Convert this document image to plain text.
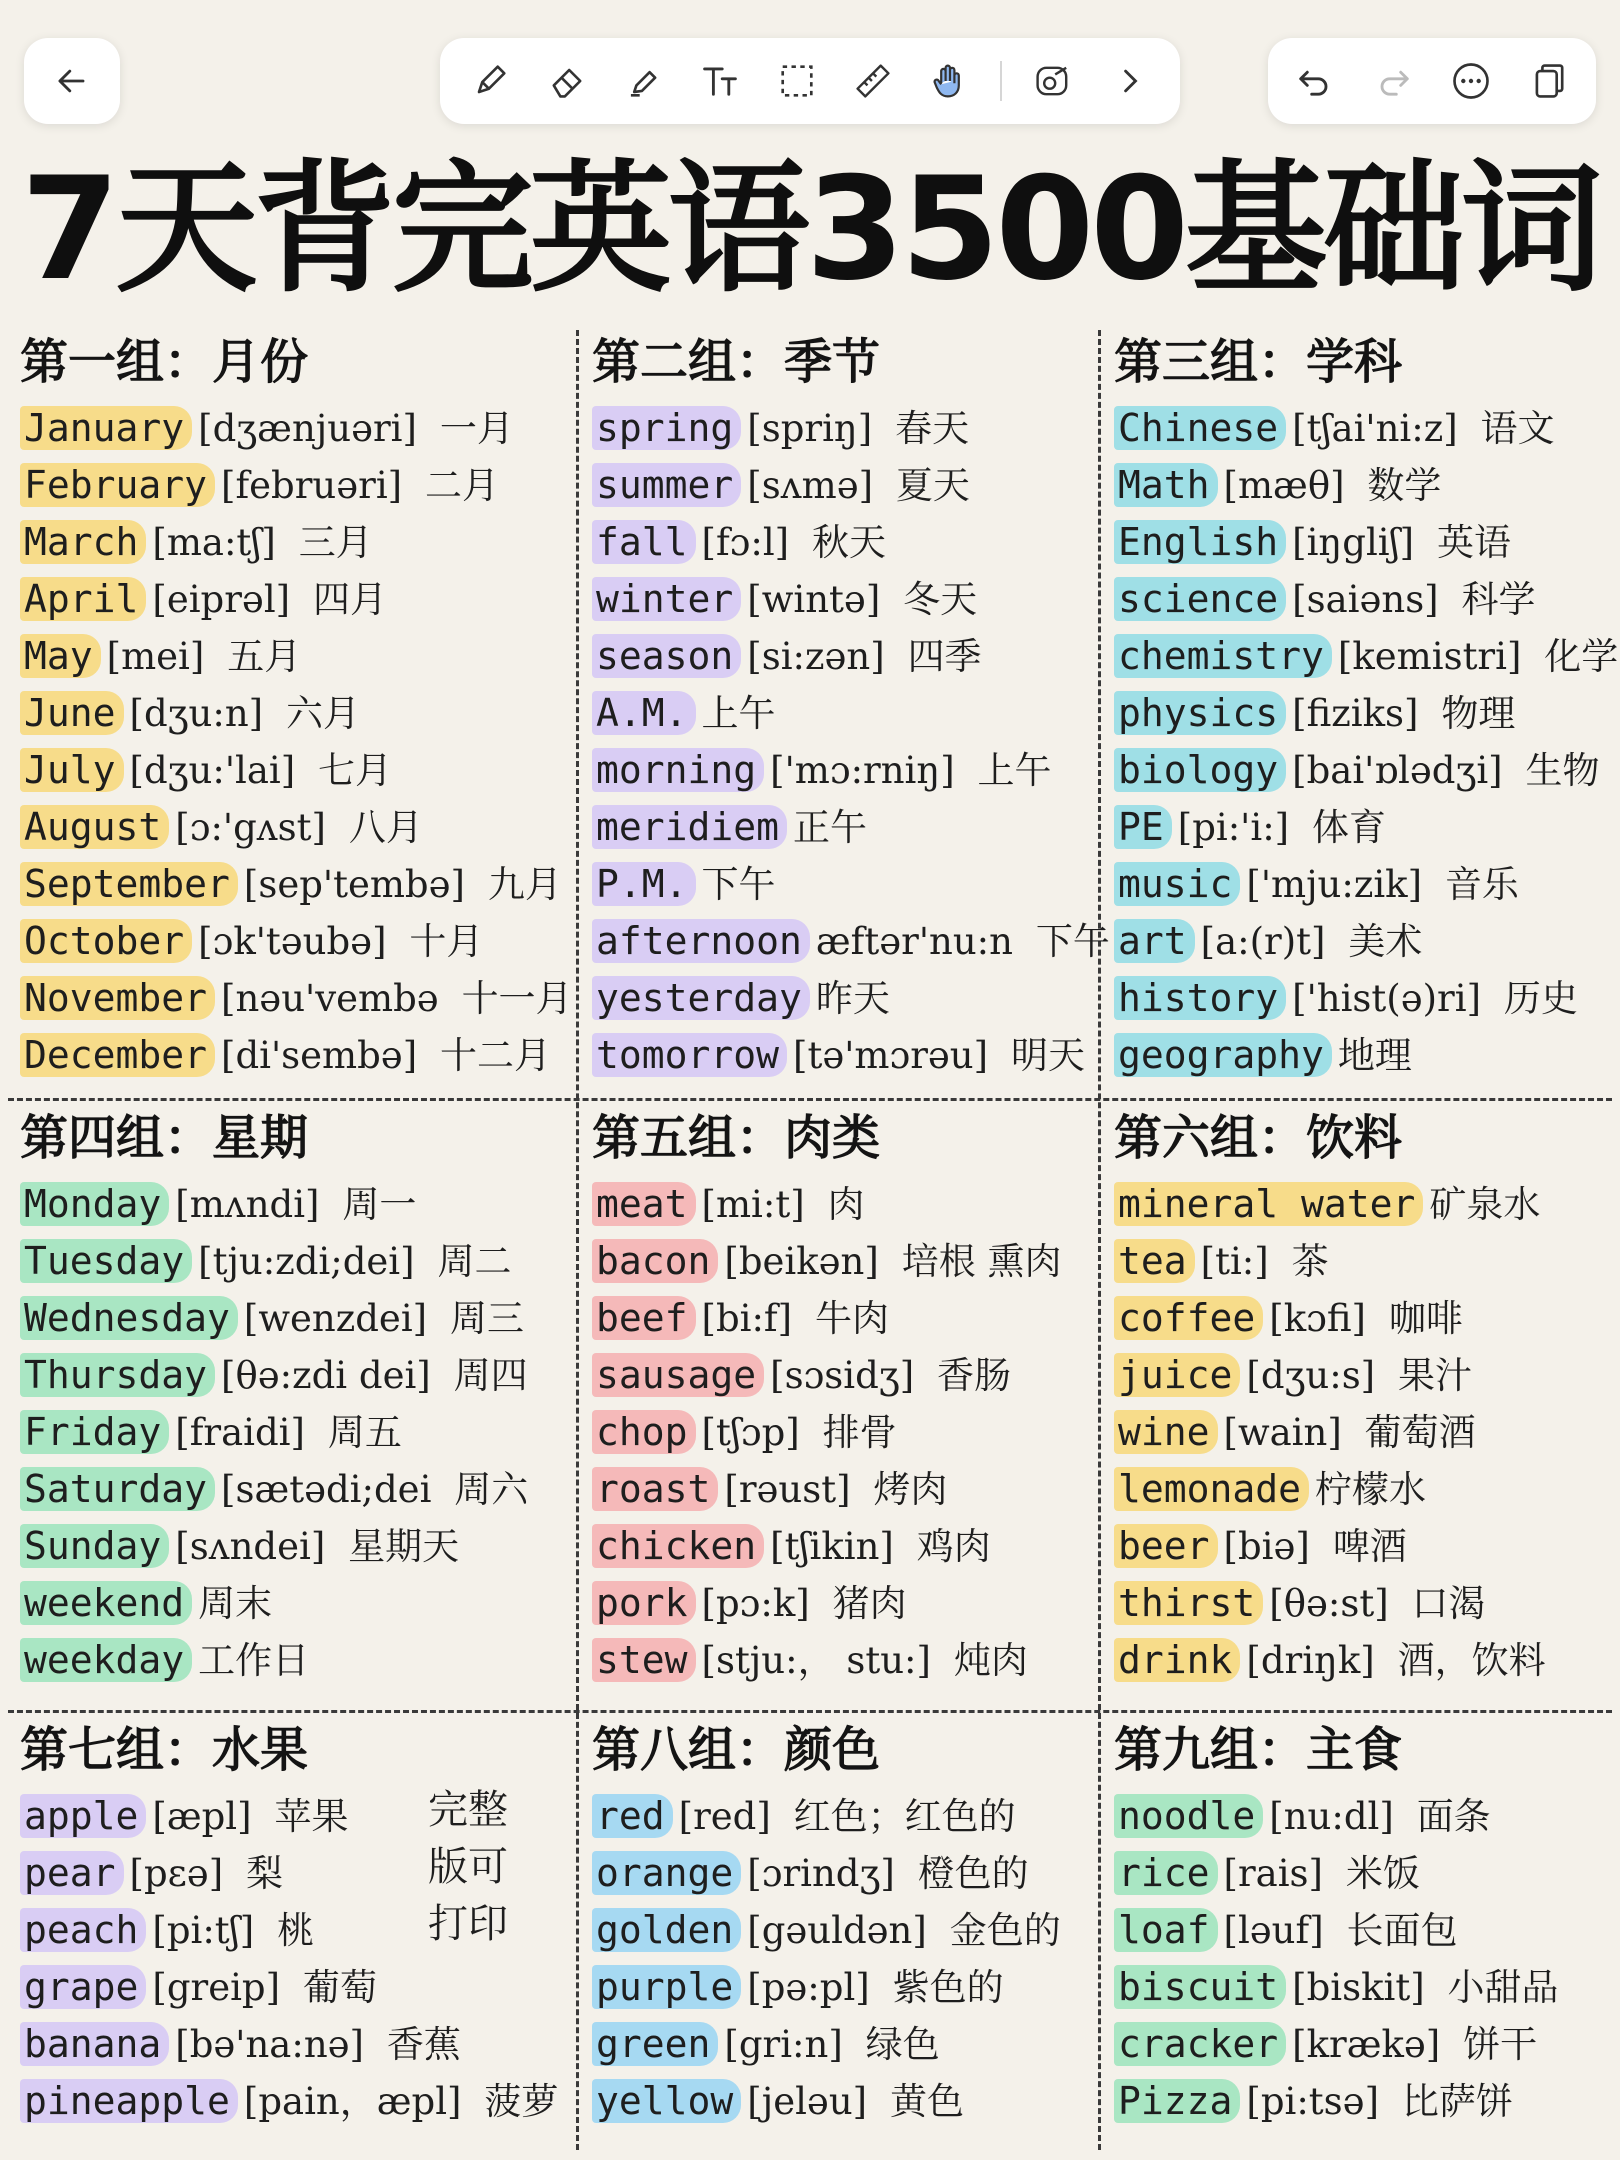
7天背完英语3500基础词
第一组：月份
January [dʒænjuəri] 一月
February [februəri] 二月
March [ma:tʃ] 三月
April [eiprəl] 四月
May [mei] 五月
June [dʒu:n] 六月
July [dʒu:'lai] 七月
August [ɔ:'gʌst] 八月
September [sep'tembə] 九月
October [ɔk'təubə] 十月
November [nəu'vembə 十一月
December [di'sembə] 十二月
第二组：季节
spring [spriŋ] 春天
summer [sʌmə] 夏天
fall [fɔ:l] 秋天
winter [wintə] 冬天
season [si:zən] 四季
A.M. 上午
morning ['mɔ:rniŋ] 上午
meridiem 正午
P.M. 下午
afternoon æftər'nu:n 下午
yesterday 昨天
tomorrow [tə'mɔrəu] 明天
第三组：学科
Chinese [tʃai'ni:z] 语文
Math [mæθ] 数学
English [iŋgliʃ] 英语
science [saiəns] 科学
chemistry [kemistri] 化学
physics [fiziks] 物理
biology [bai'ɒlədʒi] 生物
PE [pi:'i:] 体育
music ['mju:zik] 音乐
art [a:(r)t] 美术
history ['hist(ə)ri] 历史
geography 地理
第四组：星期
Monday [mʌndi] 周一
Tuesday [tju:zdi;dei] 周二
Wednesday [wenzdei] 周三
Thursday [θə:zdi dei] 周四
Friday [fraidi] 周五
Saturday [sætədi;dei 周六
Sunday [sʌndei] 星期天
weekend 周末
weekday 工作日
第五组：肉类
meat [mi:t] 肉
bacon [beikən] 培根 熏肉
beef [bi:f] 牛肉
sausage [sɔsidʒ] 香肠
chop [tʃɔp] 排骨
roast [rəust] 烤肉
chicken [tʃikin] 鸡肉
pork [pɔ:k] 猪肉
stew [stju:， stu:] 炖肉
第六组：饮料
mineral water 矿泉水
tea [ti:] 茶
coffee [kɔfi] 咖啡
juice [dʒu:s] 果汁
wine [wain] 葡萄酒
lemonade 柠檬水
beer [biə] 啤酒
thirst [θə:st] 口渴
drink [driŋk] 酒，饮料
第七组：水果
apple [æpl] 苹果
pear [pεə] 梨
peach [pi:tʃ] 桃
grape [greip] 葡萄
banana [bə'na:nə] 香蕉
pineapple [pain，æpl] 菠萝
第八组：颜色
red [red] 红色；红色的
orange [ɔrindʒ] 橙色的
golden [gəuldən] 金色的
purple [pə:pl] 紫色的
green [gri:n] 绿色
yellow [jeləu] 黄色
第九组：主食
noodle [nu:dl] 面条
rice [rais] 米饭
loaf [ləuf] 长面包
biscuit [biskit] 小甜品
cracker [krækə] 饼干
Pizza [pi:tsə] 比萨饼
完整
版可
打印
